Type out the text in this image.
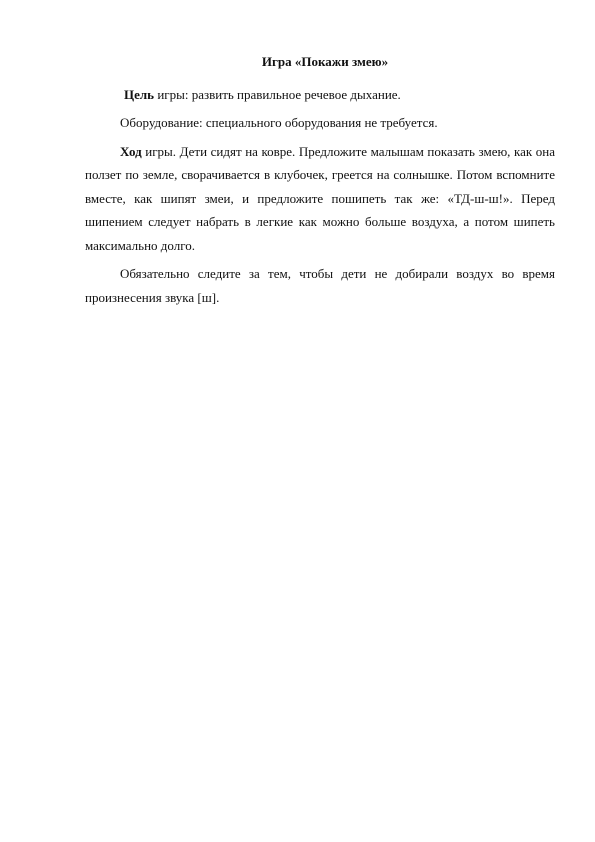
Игра «Покажи змею»

Цель игры: развить правильное речевое дыхание.

Оборудование: специального оборудования не требуется.

Ход игры. Дети сидят на ковре. Предложите малышам показать змею, как она ползет по земле, сворачивается в клубочек, греется на солнышке. Потом вспомните вместе, как шипят змеи, и предложите пошипеть так же: «ТД-ш-ш!». Перед шипением следует набрать в легкие как можно больше воздуха, а потом шипеть максимально долго.

Обязательно следите за тем, чтобы дети не добирали воздух во время произнесения звука [ш].
